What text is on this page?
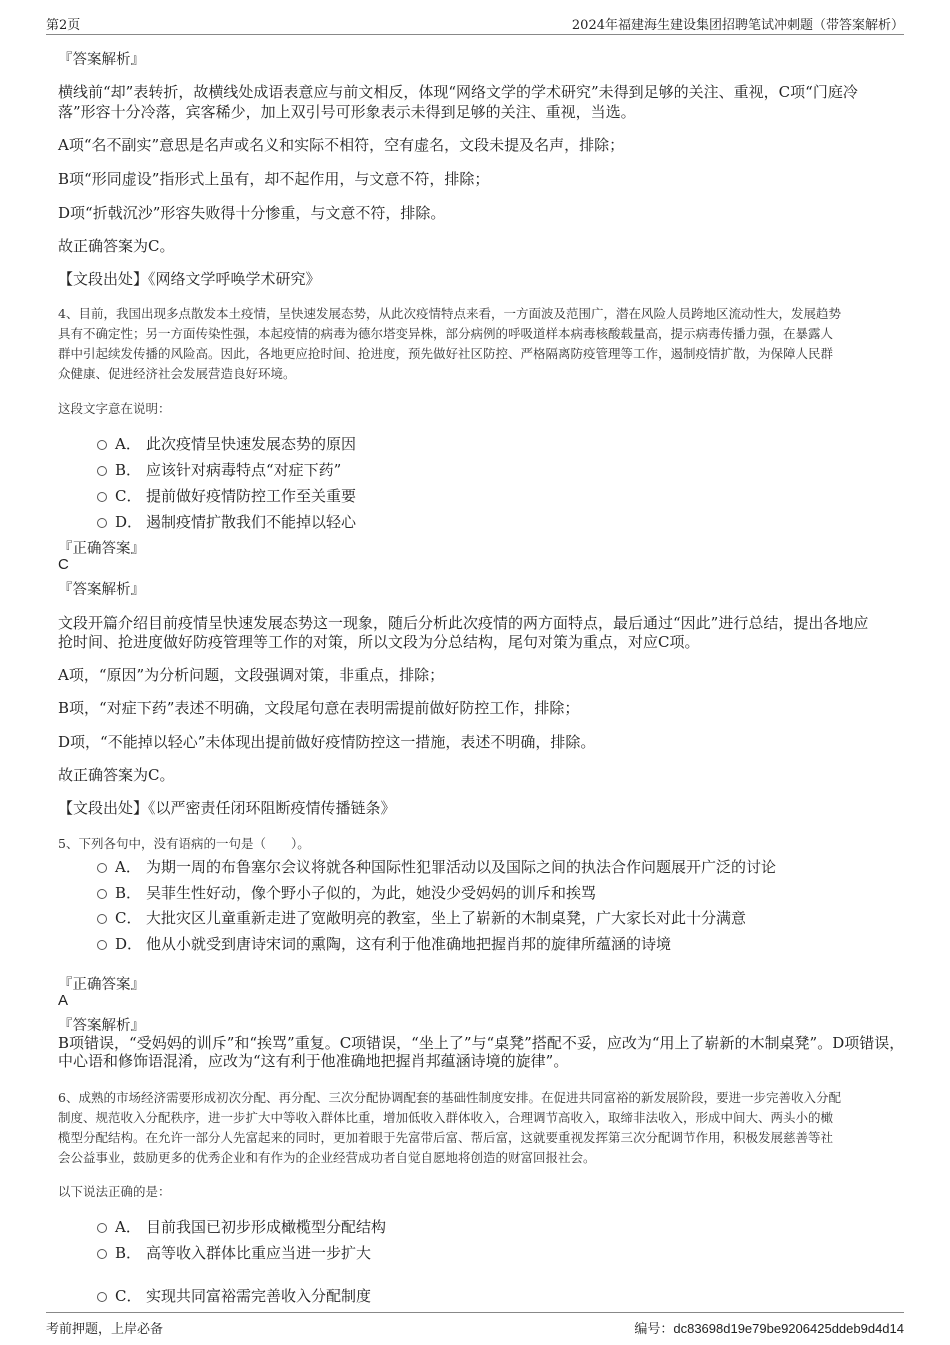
第2页	2024年福建海生建设集团招聘笔试冲刺题（带答案解析）
『答案解析』
横线前“却”表转折，故横线处成语表意应与前文相反，体现“网络文学的学术研究”未得到足够的关注、重视，C项“门庭冷
落”形容十分冷落，宾客稀少，加上双引号可形象表示未得到足够的关注、重视，当选。
A项“名不副实”意思是名声或名义和实际不相符，空有虚名，文段未提及名声，排除；
B项“形同虚设”指形式上虽有，却不起作用，与文意不符，排除；
D项“折戟沉沙”形容失败得十分惨重，与文意不符，排除。
故正确答案为C。
【文段出处】《网络文学呼唤学术研究》
4、目前，我国出现多点散发本土疫情，呈快速发展态势，从此次疫情特点来看，一方面波及范围广，潜在风险人员跨地区流动性大，发展趋势
具有不确定性；另一方面传染性强，本起疫情的病毒为德尔塔变异株，部分病例的呼吸道样本病毒核酸载量高，提示病毒传播力强，在暴露人
群中引起续发传播的风险高。因此，各地更应抢时间、抢进度，预先做好社区防控、严格隔离防疫管理等工作，遏制疫情扩散，为保障人民群
众健康、促进经济社会发展营造良好环境。
这段文字意在说明：
A． 此次疫情呈快速发展态势的原因
B． 应该针对病毒特点“对症下药”
C． 提前做好疫情防控工作至关重要
D． 遏制疫情扩散我们不能掉以轻心
『正确答案』
C
『答案解析』
文段开篇介绍目前疫情呈快速发展态势这一现象，随后分析此次疫情的两方面特点，最后通过“因此”进行总结，提出各地应
抢时间、抢进度做好防疫管理等工作的对策，所以文段为分总结构，尾句对策为重点，对应C项。
A项，“原因”为分析问题，文段强调对策，非重点，排除；
B项，“对症下药”表述不明确，文段尾句意在表明需提前做好防控工作，排除；
D项，“不能掉以轻心”未体现出提前做好疫情防控这一措施，表述不明确，排除。
故正确答案为C。
【文段出处】《以严密责任闭环阻断疫情传播链条》
5、下列各句中，没有语病的一句是（　　）。
A． 为期一周的布鲁塞尔会议将就各种国际性犯罪活动以及国际之间的执法合作问题展开广泛的讨论
B． 吴菲生性好动，像个野小子似的，为此，她没少受妈妈的训斥和挨骂
C． 大批灾区儿童重新走进了宽敞明亮的教室，坐上了崭新的木制桌凳，广大家长对此十分满意
D． 他从小就受到唐诗宋词的熏陶，这有利于他准确地把握肖邦的旋律所蕴涵的诗境
『正确答案』
A
『答案解析』
B项错误，“受妈妈的训斥”和“挨骂”重复。C项错误，“坐上了”与“桌凳”搭配不妥，应改为“用上了崭新的木制桌凳”。D项错误，
中心语和修饰语混淆，应改为“这有利于他准确地把握肖邦蕴涵诗境的旋律”。
6、成熟的市场经济需要形成初次分配、再分配、三次分配协调配套的基础性制度安排。在促进共同富裕的新发展阶段，要进一步完善收入分配
制度、规范收入分配秩序，进一步扩大中等收入群体比重，增加低收入群体收入，合理调节高收入，取缔非法收入，形成中间大、两头小的橄
榄型分配结构。在允许一部分人先富起来的同时，更加着眼于先富带后富、帮后富，这就要重视发挥第三次分配调节作用，积极发展慈善等社
会公益事业，鼓励更多的优秀企业和有作为的企业经营成功者自觉自愿地将创造的财富回报社会。
以下说法正确的是：
A． 目前我国已初步形成橄榄型分配结构
B． 高等收入群体比重应当进一步扩大
C． 实现共同富裕需完善收入分配制度
考前押题，上岸必备	编号：dc83698d19e79be9206425ddeb9d4d14
